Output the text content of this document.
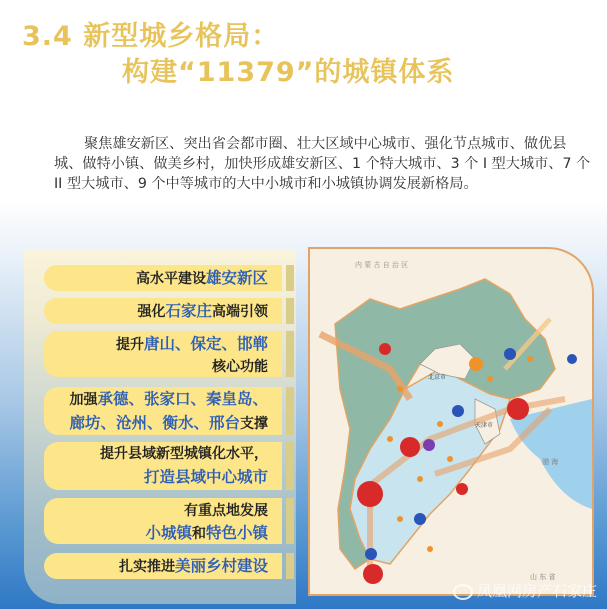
3.4 新型城乡格局：
构建“11379”的城镇体系
聚焦雄安新区、突出省会都市圈、壮大区域中心城市、强化节点城市、做优县城、做特小镇、做美乡村，加快形成雄安新区、1 个特大城市、3 个 I 型大城市、7 个 II 型大城市、9 个中等城市的大中小城市和小城镇协调发展新格局。
高水平建设雄安新区
强化石家庄高端引领
提升唐山、保定、邯郸
核心功能
加强承德、张家口、秦皇岛、
廊坊、沧州、衡水、邢台支撑
提升县域新型城镇化水平，
打造县域中心城市
有重点地发展
小城镇和特色小镇
扎实推进美丽乡村建设
内 蒙 古 自 治 区
北京市
天津市
渤 海
山 东 省
凤凰网房产石家庄
